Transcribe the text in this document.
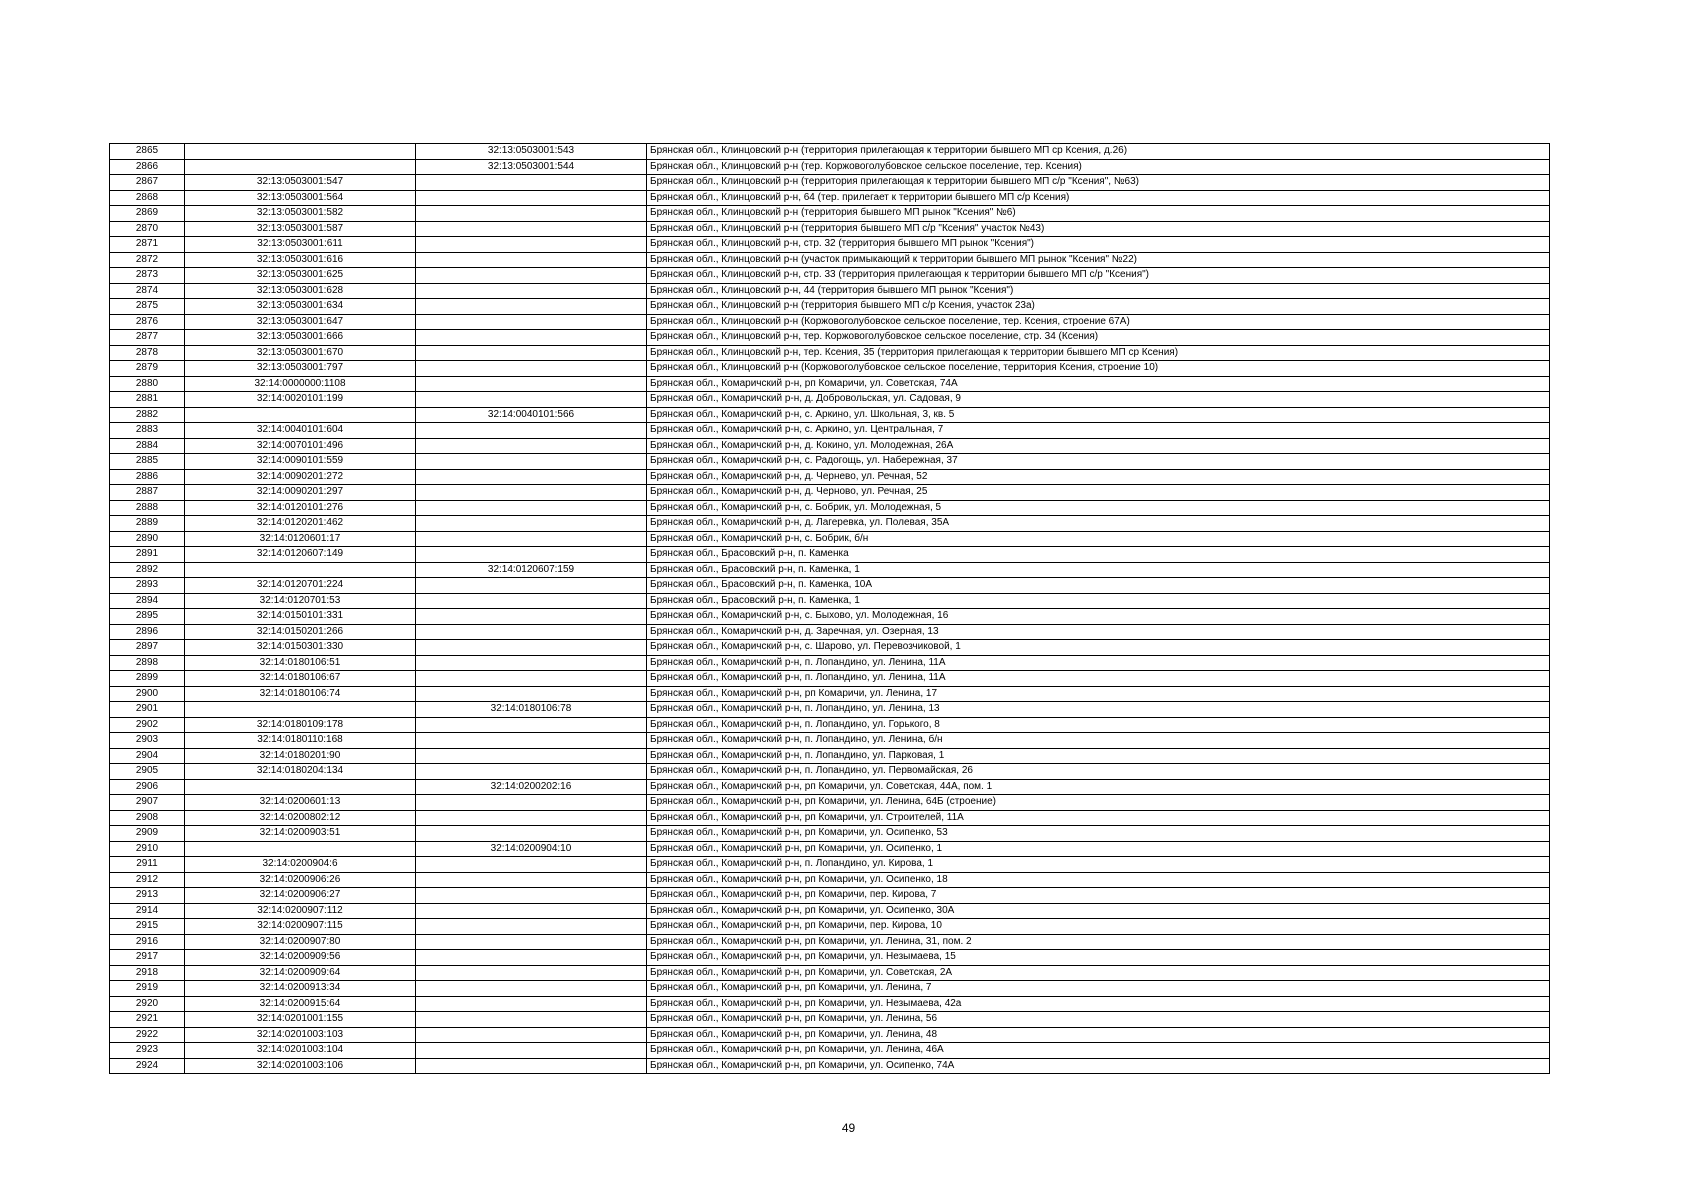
2865		32:13:0503001:543	Брянская обл., Клинцовский р-н (территория прилегающая к территории бывшего МП ср Ксения, д.26)
2866		32:13:0503001:544	Брянская обл., Клинцовский р-н (тер. Коржовоголубовское сельское поселение, тер. Ксения)
2867	32:13:0503001:547		Брянская обл., Клинцовский р-н (территория прилегающая к территории бывшего МП с/р "Ксения", №63)
2868	32:13:0503001:564		Брянская обл., Клинцовский р-н, 64 (тер. прилегает к территории бывшего МП с/р Ксения)
2869	32:13:0503001:582		Брянская обл., Клинцовский р-н (территория бывшего МП рынок "Ксения" №6)
2870	32:13:0503001:587		Брянская обл., Клинцовский р-н (территория бывшего МП с/р "Ксения" участок №43)
2871	32:13:0503001:611		Брянская обл., Клинцовский р-н, стр. 32 (территория бывшего МП рынок "Ксения")
2872	32:13:0503001:616		Брянская обл., Клинцовский р-н (участок примыкающий к территории бывшего МП рынок "Ксения" №22)
2873	32:13:0503001:625		Брянская обл., Клинцовский р-н, стр. 33 (территория прилегающая к территории бывшего МП с/р "Ксения")
2874	32:13:0503001:628		Брянская обл., Клинцовский р-н, 44 (территория бывшего МП рынок "Ксения")
2875	32:13:0503001:634		Брянская обл., Клинцовский р-н (территория бывшего МП с/р Ксения, участок 23а)
2876	32:13:0503001:647		Брянская обл., Клинцовский р-н (Коржовоголубовское сельское поселение, тер. Ксения, строение 67А)
2877	32:13:0503001:666		Брянская обл., Клинцовский р-н, тер. Коржовоголубовское сельское поселение, стр. 34 (Ксения)
2878	32:13:0503001:670		Брянская обл., Клинцовский р-н, тер. Ксения, 35 (территория прилегающая к территории бывшего МП ср Ксения)
2879	32:13:0503001:797		Брянская обл., Клинцовский р-н (Коржовоголубовское сельское поселение, территория Ксения, строение 10)
2880	32:14:0000000:1108		Брянская обл., Комаричский р-н, рп Комаричи, ул. Советская, 74А
2881	32:14:0020101:199		Брянская обл., Комаричский р-н, д. Добровольская, ул. Садовая, 9
2882		32:14:0040101:566	Брянская обл., Комаричский р-н, с. Аркино, ул. Школьная, 3, кв. 5
2883	32:14:0040101:604		Брянская обл., Комаричский р-н, с. Аркино, ул. Центральная, 7
2884	32:14:0070101:496		Брянская обл., Комаричский р-н, д. Кокино, ул. Молодежная, 26А
2885	32:14:0090101:559		Брянская обл., Комаричский р-н, с. Радогощь, ул. Набережная, 37
2886	32:14:0090201:272		Брянская обл., Комаричский р-н, д. Чернево, ул. Речная, 52
2887	32:14:0090201:297		Брянская обл., Комаричский р-н, д. Черново, ул. Речная, 25
2888	32:14:0120101:276		Брянская обл., Комаричский р-н, с. Бобрик, ул. Молодежная, 5
2889	32:14:0120201:462		Брянская обл., Комаричский р-н, д. Лагеревка, ул. Полевая, 35А
2890	32:14:0120601:17		Брянская обл., Комаричский р-н, с. Бобрик, б/н
2891	32:14:0120607:149		Брянская обл., Брасовский р-н, п. Каменка
2892		32:14:0120607:159	Брянская обл., Брасовский р-н, п. Каменка, 1
2893	32:14:0120701:224		Брянская обл., Брасовский р-н, п. Каменка, 10А
2894	32:14:0120701:53		Брянская обл., Брасовский р-н, п. Каменка, 1
2895	32:14:0150101:331		Брянская обл., Комаричский р-н, с. Быхово, ул. Молодежная, 16
2896	32:14:0150201:266		Брянская обл., Комаричский р-н, д. Заречная, ул. Озерная, 13
2897	32:14:0150301:330		Брянская обл., Комаричский р-н, с. Шарово, ул. Перевозчиковой, 1
2898	32:14:0180106:51		Брянская обл., Комаричский р-н, п. Лопандино, ул. Ленина, 11А
2899	32:14:0180106:67		Брянская обл., Комаричский р-н, п. Лопандино, ул. Ленина, 11А
2900	32:14:0180106:74		Брянская обл., Комаричский р-н, рп Комаричи, ул. Ленина, 17
2901		32:14:0180106:78	Брянская обл., Комаричский р-н, п. Лопандино, ул. Ленина, 13
2902	32:14:0180109:178		Брянская обл., Комаричский р-н, п. Лопандино, ул. Горького, 8
2903	32:14:0180110:168		Брянская обл., Комаричский р-н, п. Лопандино, ул. Ленина, б/н
2904	32:14:0180201:90		Брянская обл., Комаричский р-н, п. Лопандино, ул. Парковая, 1
2905	32:14:0180204:134		Брянская обл., Комаричский р-н, п. Лопандино, ул. Первомайская, 26
2906		32:14:0200202:16	Брянская обл., Комаричский р-н, рп Комаричи, ул. Советская, 44А, пом. 1
2907	32:14:0200601:13		Брянская обл., Комаричский р-н, рп Комаричи, ул. Ленина, 64Б (строение)
2908	32:14:0200802:12		Брянская обл., Комаричский р-н, рп Комаричи, ул. Строителей, 11А
2909	32:14:0200903:51		Брянская обл., Комаричский р-н, рп Комаричи, ул. Осипенко, 53
2910		32:14:0200904:10	Брянская обл., Комаричский р-н, рп Комаричи, ул. Осипенко, 1
2911	32:14:0200904:6		Брянская обл., Комаричский р-н, п. Лопандино, ул. Кирова, 1
2912	32:14:0200906:26		Брянская обл., Комаричский р-н, рп Комаричи, ул. Осипенко, 18
2913	32:14:0200906:27		Брянская обл., Комаричский р-н, рп Комаричи, пер. Кирова, 7
2914	32:14:0200907:112		Брянская обл., Комаричский р-н, рп Комаричи, ул. Осипенко, 30А
2915	32:14:0200907:115		Брянская обл., Комаричский р-н, рп Комаричи, пер. Кирова, 10
2916	32:14:0200907:80		Брянская обл., Комаричский р-н, рп Комаричи, ул. Ленина, 31, пом. 2
2917	32:14:0200909:56		Брянская обл., Комаричский р-н, рп Комаричи, ул. Незымаева, 15
2918	32:14:0200909:64		Брянская обл., Комаричский р-н, рп Комаричи, ул. Советская, 2А
2919	32:14:0200913:34		Брянская обл., Комаричский р-н, рп Комаричи, ул. Ленина, 7
2920	32:14:0200915:64		Брянская обл., Комаричский р-н, рп Комаричи, ул. Незымаева, 42а
2921	32:14:0201001:155		Брянская обл., Комаричский р-н, рп Комаричи, ул. Ленина, 56
2922	32:14:0201003:103		Брянская обл., Комаричский р-н, рп Комаричи, ул. Ленина, 48
2923	32:14:0201003:104		Брянская обл., Комаричский р-н, рп Комаричи, ул. Ленина, 46А
2924	32:14:0201003:106		Брянская обл., Комаричский р-н, рп Комаричи, ул. Осипенко, 74А
49
